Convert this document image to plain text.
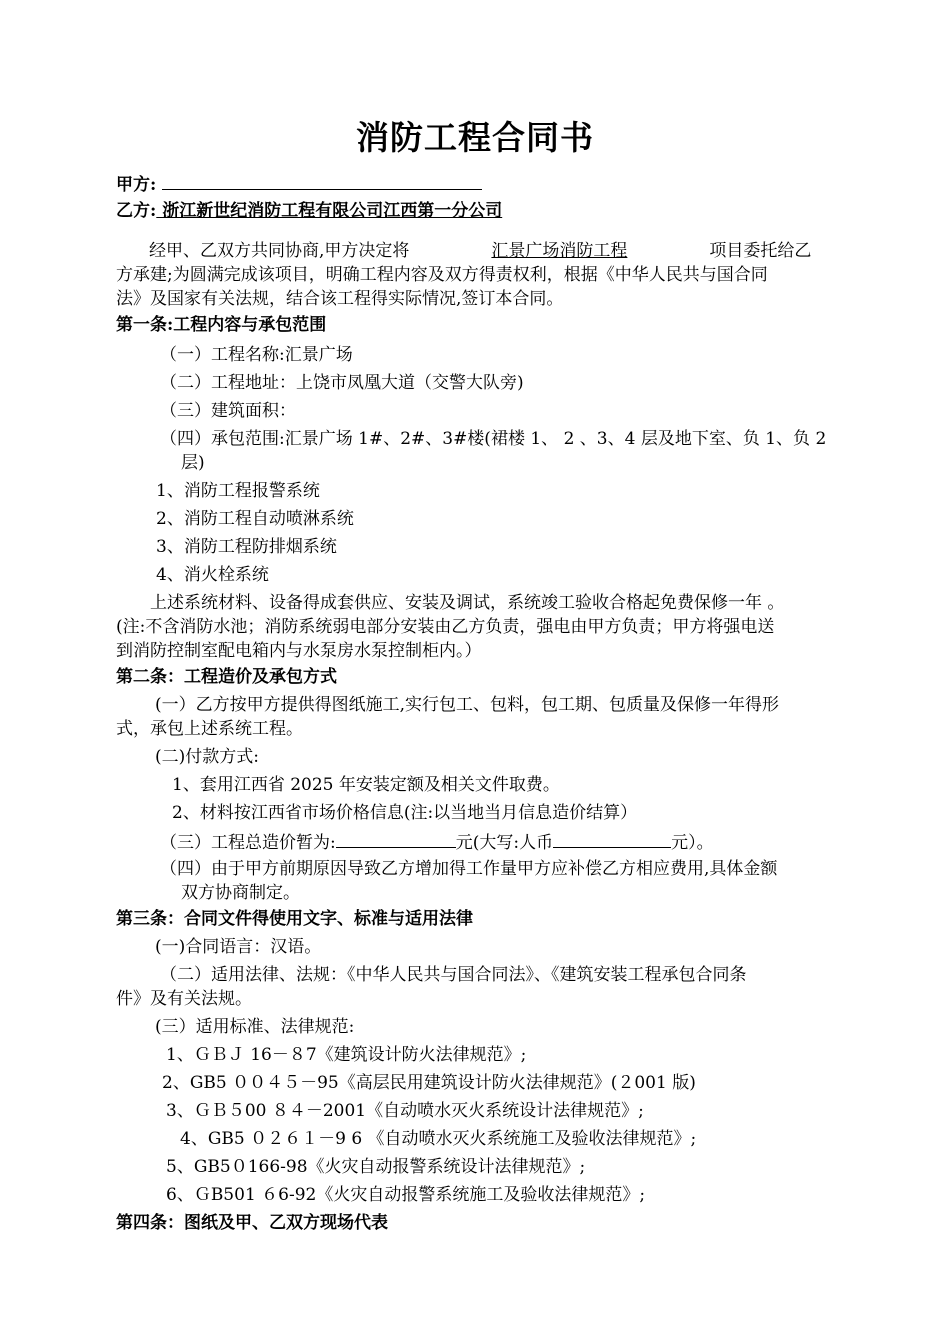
消防工程合同书
甲方:
乙方: 浙江新世纪消防工程有限公司江西第一分公司
经甲、乙双方共同协商,甲方决定将	汇景广场消防工程	项目委托给乙
方承建;为圆满完成该项目，明确工程内容及双方得责权利，根据《中华人民共与国合同
法》及国家有关法规，结合该工程得实际情况,签订本合同。
第一条:工程内容与承包范围
（一）工程名称:汇景广场
（二）工程地址：上饶市凤凰大道（交警大队旁)
（三）建筑面积：
（四）承包范围:汇景广场 1#、2#、3#楼(裙楼 1、 2 、3、4 层及地下室、负 1、负 2
层)
1、消防工程报警系统
2、消防工程自动喷淋系统
3、消防工程防排烟系统
4、消火栓系统
上述系统材料、设备得成套供应、安装及调试，系统竣工验收合格起免费保修一年 。
(注:不含消防水池；消防系统弱电部分安装由乙方负责，强电由甲方负责；甲方将强电送
到消防控制室配电箱内与水泵房水泵控制柜内。）
第二条：工程造价及承包方式
(一）乙方按甲方提供得图纸施工,实行包工、包料，包工期、包质量及保修一年得形
式，承包上述系统工程。
(二)付款方式:
1、套用江西省 2025 年安装定额及相关文件取费。
2、材料按江西省市场价格信息(注:以当地当月信息造价结算）
（三）工程总造价暂为:	元(大写:人币	元）。
（四）由于甲方前期原因导致乙方增加得工作量甲方应补偿乙方相应费用,具体金额
双方协商制定。
第三条：合同文件得使用文字、标准与适用法律
(一)合同语言：汉语。
（二）适用法律、法规：《中华人民共与国合同法》、《建筑安装工程承包合同条
件》及有关法规。
(三）适用标准、法律规范:
1、ＧＢＪ 16－８7《建筑设计防火法律规范》;
2、GB5 ００４５－95《高层民用建筑设计防火法律规范》(２001 版)
3、ＧＢ５00 ８４－2001《自动喷水灭火系统设计法律规范》;
4、GB5 ０２６１－9 6 《自动喷水灭火系统施工及验收法律规范》;
5、GB5０166-98《火灾自动报警系统设计法律规范》;
6、ＧB501 ６6-92《火灾自动报警系统施工及验收法律规范》;
第四条：图纸及甲、乙双方现场代表
